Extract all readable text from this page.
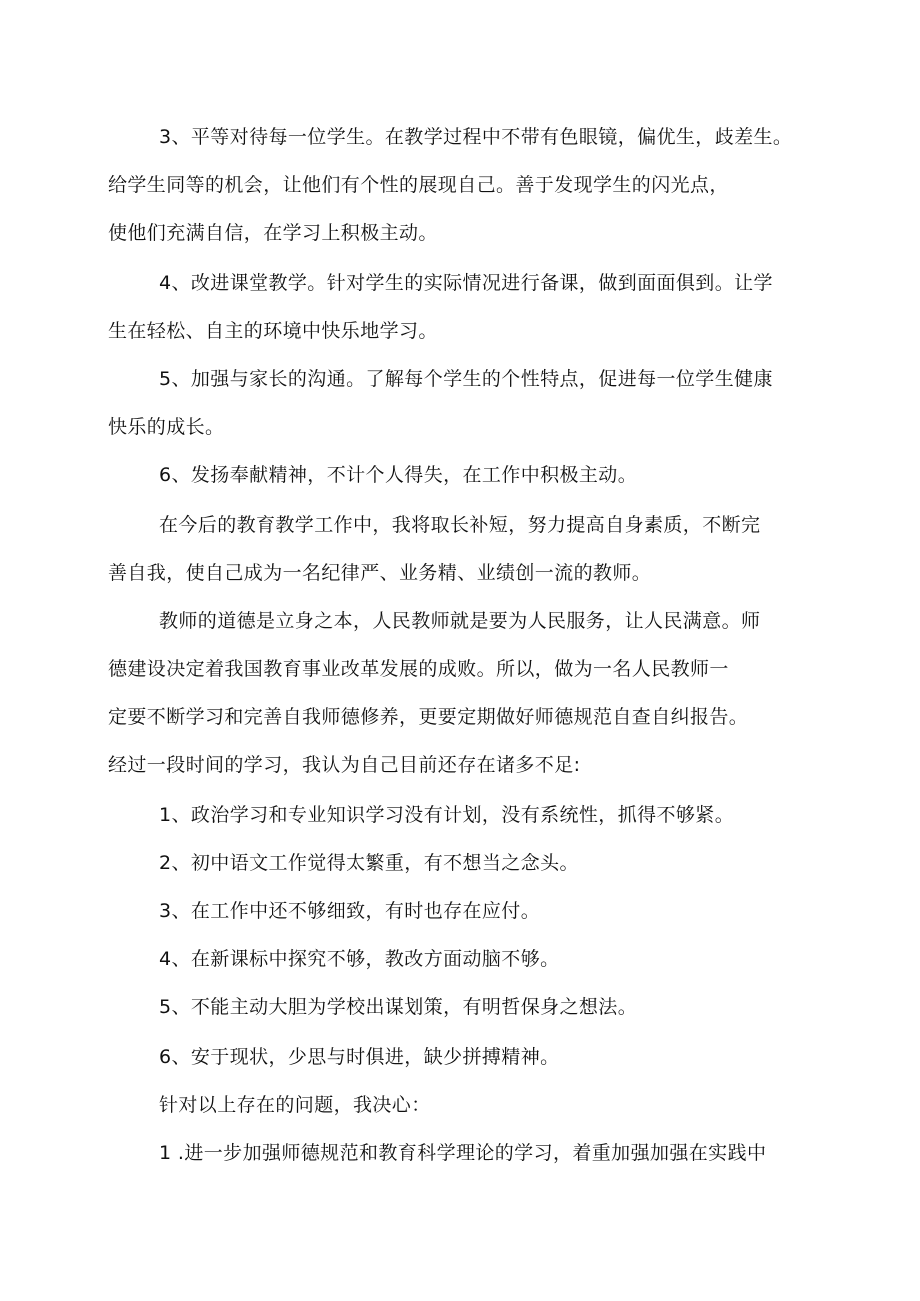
3、平等对待每一位学生。在教学过程中不带有色眼镜，偏优生，歧差生。
给学生同等的机会，让他们有个性的展现自己。善于发现学生的闪光点，
使他们充满自信，在学习上积极主动。
4、改进课堂教学。针对学生的实际情况进行备课，做到面面俱到。让学
生在轻松、自主的环境中快乐地学习。
5、加强与家长的沟通。了解每个学生的个性特点，促进每一位学生健康
快乐的成长。
6、发扬奉献精神，不计个人得失，在工作中积极主动。
在今后的教育教学工作中，我将取长补短，努力提高自身素质，不断完
善自我，使自己成为一名纪律严、业务精、业绩创一流的教师。
教师的道德是立身之本，人民教师就是要为人民服务，让人民满意。师
德建设决定着我国教育事业改革发展的成败。所以，做为一名人民教师一
定要不断学习和完善自我师德修养，更要定期做好师德规范自查自纠报告。
经过一段时间的学习，我认为自己目前还存在诸多不足:
1、政治学习和专业知识学习没有计划，没有系统性，抓得不够紧。
2、初中语文工作觉得太繁重，有不想当之念头。
3、在工作中还不够细致，有时也存在应付。
4、在新课标中探究不够，教改方面动脑不够。
5、不能主动大胆为学校出谋划策，有明哲保身之想法。
6、安于现状，少思与时俱进，缺少拼搏精神。
针对以上存在的问题，我决心：
1 .进一步加强师德规范和教育科学理论的学习，着重加强加强在实践中
